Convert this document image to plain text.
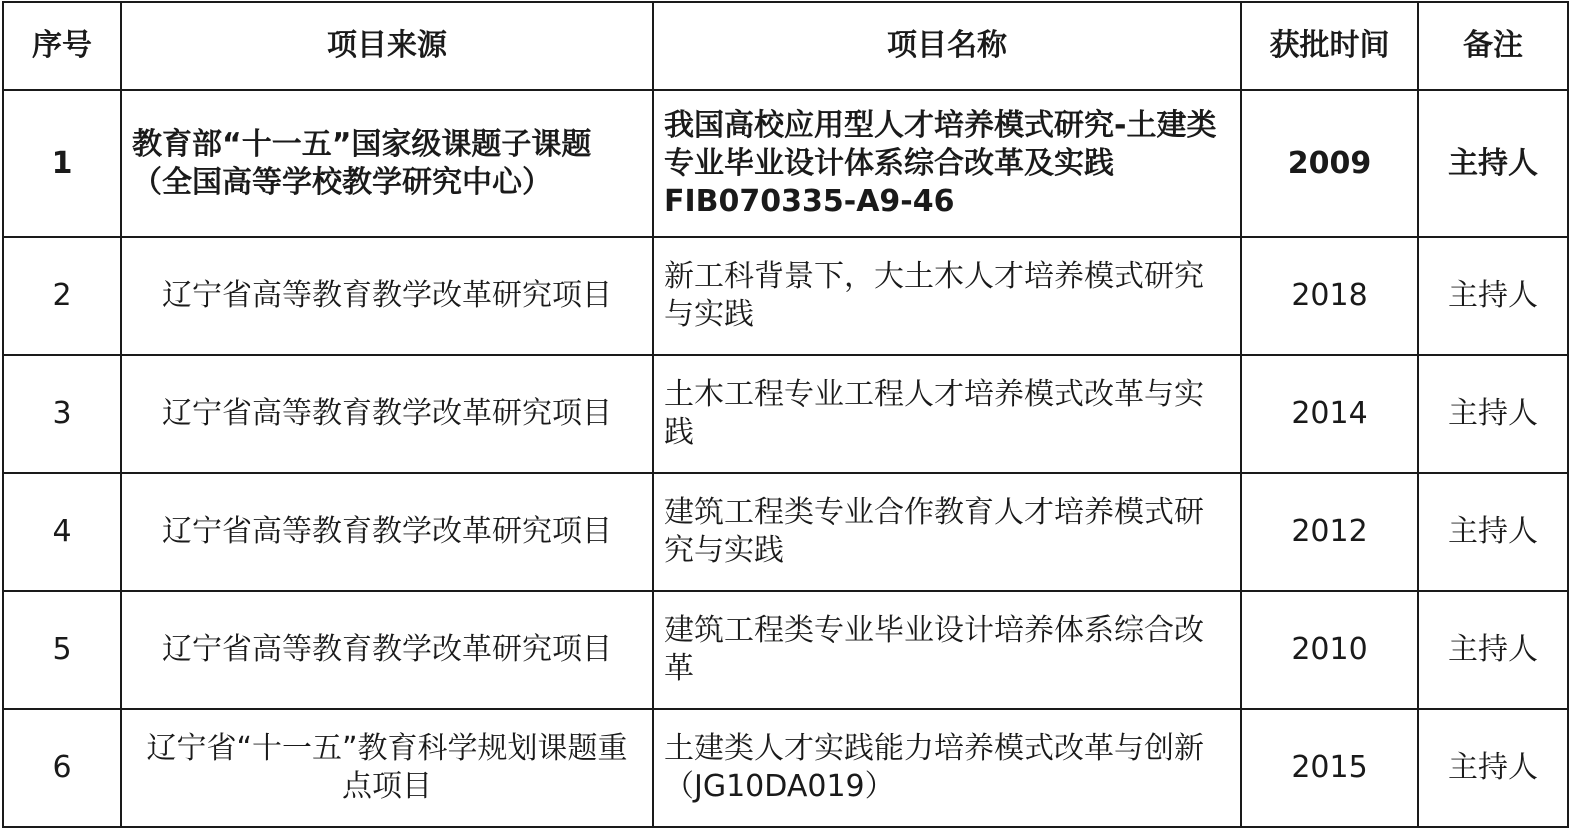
序号	项目来源	项目名称	获批时间	备注
1	教育部“十一五”国家级课题子课题（全国高等学校教学研究中心）	我国高校应用型人才培养模式研究-土建类专业毕业设计体系综合改革及实践FIB070335-A9-46	2009	主持人
2	辽宁省高等教育教学改革研究项目	新工科背景下，大土木人才培养模式研究与实践	2018	主持人
3	辽宁省高等教育教学改革研究项目	土木工程专业工程人才培养模式改革与实践	2014	主持人
4	辽宁省高等教育教学改革研究项目	建筑工程类专业合作教育人才培养模式研究与实践	2012	主持人
5	辽宁省高等教育教学改革研究项目	建筑工程类专业毕业设计培养体系综合改革	2010	主持人
6	辽宁省“十一五”教育科学规划课题重点项目	土建类人才实践能力培养模式改革与创新（JG10DA019）	2015	主持人
